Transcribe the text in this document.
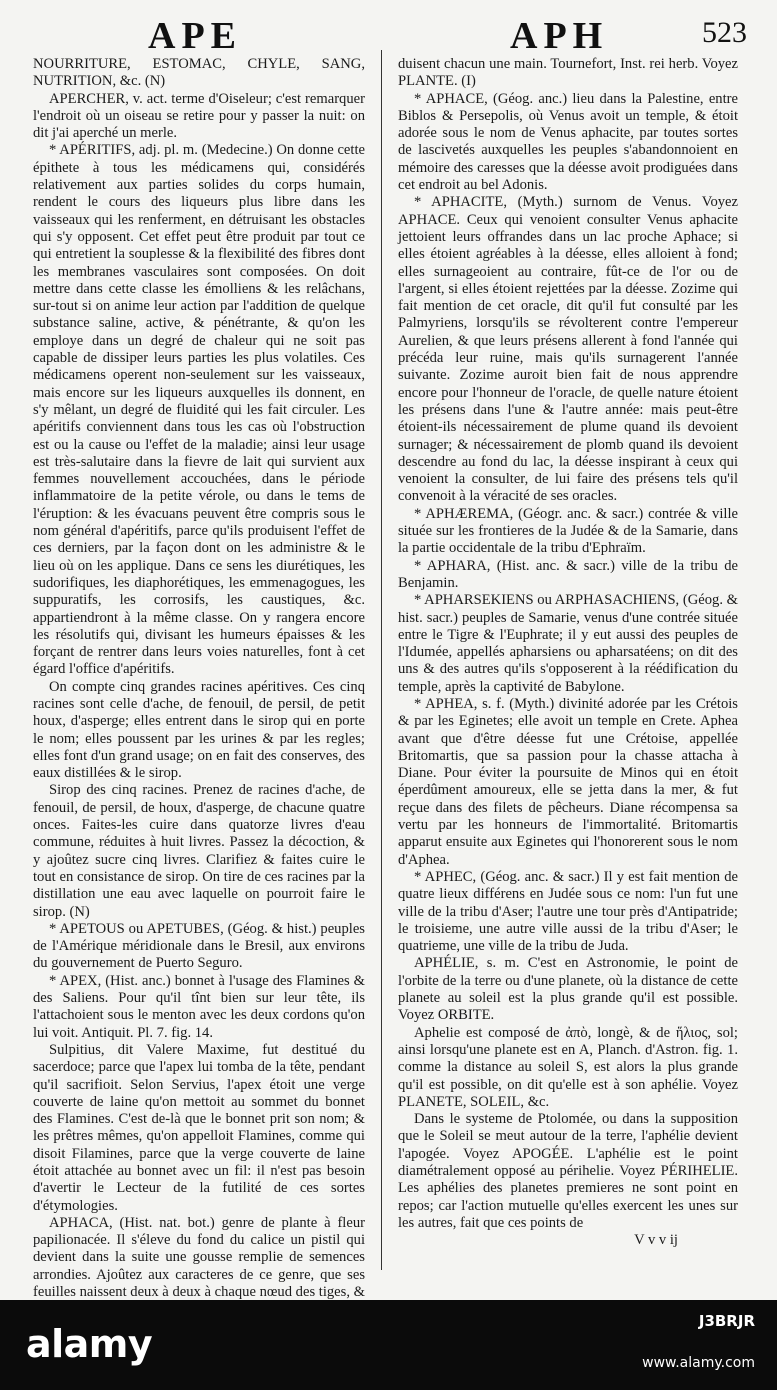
APE	APH	523

NOURRITURE, ESTOMAC, CHYLE, SANG, NUTRITION, &c. (N)

APERCHER, v. act. terme d'Oiseleur; c'est remarquer l'endroit où un oiseau se retire pour y passer la nuit: on dit j'ai aperché un merle.

* APÉRITIFS, adj. pl. m. (Medecine.) On donne cette épithete à tous les médicamens qui, considérés relativement aux parties solides du corps humain, rendent le cours des liqueurs plus libre dans les vaisseaux qui les renferment, en détruisant les obstacles qui s'y opposent. Cet effet peut être produit par tout ce qui entretient la souplesse & la flexibilité des fibres dont les membranes vasculaires sont composées. On doit mettre dans cette classe les émolliens & les relâchans, sur-tout si on anime leur action par l'addition de quelque substance saline, active, & pénétrante, & qu'on les employe dans un degré de chaleur qui ne soit pas capable de dissiper leurs parties les plus volatiles. Ces médicamens operent non-seulement sur les vaisseaux, mais encore sur les liqueurs auxquelles ils donnent, en s'y mêlant, un degré de fluidité qui les fait circuler. Les apéritifs conviennent dans tous les cas où l'obstruction est ou la cause ou l'effet de la maladie; ainsi leur usage est très-salutaire dans la fievre de lait qui survient aux femmes nouvellement accouchées, dans le période inflammatoire de la petite vérole, ou dans le tems de l'éruption: & les évacuans peuvent être compris sous le nom général d'apéritifs, parce qu'ils produisent l'effet de ces derniers, par la façon dont on les administre & le lieu où on les applique. Dans ce sens les diurétiques, les sudorifiques, les diaphorétiques, les emmenagogues, les suppuratifs, les corrosifs, les caustiques, &c. appartiendront à la même classe. On y rangera encore les résolutifs qui, divisant les humeurs épaisses & les forçant de rentrer dans leurs voies naturelles, font à cet égard l'office d'apéritifs.

On compte cinq grandes racines apéritives. Ces cinq racines sont celle d'ache, de fenouil, de persil, de petit houx, d'asperge; elles entrent dans le sirop qui en porte le nom; elles poussent par les urines & par les regles; elles font d'un grand usage; on en fait des conserves, des eaux distillées & le sirop.

Sirop des cinq racines. Prenez de racines d'ache, de fenouil, de persil, de houx, d'asperge, de chacune quatre onces. Faites-les cuire dans quatorze livres d'eau commune, réduites à huit livres. Passez la décoction, & y ajoûtez sucre cinq livres. Clarifiez & faites cuire le tout en consistance de sirop. On tire de ces racines par la distillation une eau avec laquelle on pourroit faire le sirop. (N)

* APETOUS ou APETUBES, (Géog. & hist.) peuples de l'Amérique méridionale dans le Bresil, aux environs du gouvernement de Puerto Seguro.

* APEX, (Hist. anc.) bonnet à l'usage des Flamines & des Saliens. Pour qu'il tînt bien sur leur tête, ils l'attachoient sous le menton avec les deux cordons qu'on lui voit. Antiquit. Pl. 7. fig. 14.

Sulpitius, dit Valere Maxime, fut destitué du sacerdoce; parce que l'apex lui tomba de la tête, pendant qu'il sacrifioit. Selon Servius, l'apex étoit une verge couverte de laine qu'on mettoit au sommet du bonnet des Flamines. C'est de-là que le bonnet prit son nom; & les prêtres mêmes, qu'on appelloit Flamines, comme qui disoit Filamines, parce que la verge couverte de laine étoit attachée au bonnet avec un fil: il n'est pas besoin d'avertir le Lecteur de la futilité de ces sortes d'étymologies.

APHACA, (Hist. nat. bot.) genre de plante à fleur papilionacée. Il s'éleve du fond du calice un pistil qui devient dans la suite une gousse remplie de semences arrondies. Ajoûtez aux caracteres de ce genre, que ses feuilles naissent deux à deux à chaque nœud des tiges, &

duisent chacun une main. Tournefort, Inst. rei herb. Voyez PLANTE. (I)

* APHACE, (Géog. anc.) lieu dans la Palestine, entre Biblos & Persepolis, où Venus avoit un temple, & étoit adorée sous le nom de Venus aphacite, par toutes sortes de lascivetés auxquelles les peuples s'abandonnoient en mémoire des caresses que la déesse avoit prodiguées dans cet endroit au bel Adonis.

* APHACITE, (Myth.) surnom de Venus. Voyez APHACE. Ceux qui venoient consulter Venus aphacite jettoient leurs offrandes dans un lac proche Aphace; si elles étoient agréables à la déesse, elles alloient à fond; elles surnageoient au contraire, fût-ce de l'or ou de l'argent, si elles étoient rejettées par la déesse. Zozime qui fait mention de cet oracle, dit qu'il fut consulté par les Palmyriens, lorsqu'ils se révolterent contre l'empereur Aurelien, & que leurs présens allerent à fond l'année qui précéda leur ruine, mais qu'ils surnagerent l'année suivante. Zozime auroit bien fait de nous apprendre encore pour l'honneur de l'oracle, de quelle nature étoient les présens dans l'une & l'autre année: mais peut-être étoient-ils nécessairement de plume quand ils devoient surnager; & nécessairement de plomb quand ils devoient descendre au fond du lac, la déesse inspirant à ceux qui venoient la consulter, de lui faire des présens tels qu'il convenoit à la véracité de ses oracles.

* APHÆREMA, (Géogr. anc. & sacr.) contrée & ville située sur les frontieres de la Judée & de la Samarie, dans la partie occidentale de la tribu d'Ephraïm.

* APHARA, (Hist. anc. & sacr.) ville de la tribu de Benjamin.

* APHARSEKIENS ou ARPHASACHIENS, (Géog. & hist. sacr.) peuples de Samarie, venus d'une contrée située entre le Tigre & l'Euphrate; il y eut aussi des peuples de l'Idumée, appellés apharsiens ou apharsatéens; on dit des uns & des autres qu'ils s'opposerent à la réédification du temple, après la captivité de Babylone.

* APHEA, s. f. (Myth.) divinité adorée par les Crétois & par les Eginetes; elle avoit un temple en Crete. Aphea avant que d'être déesse fut une Crétoise, appellée Britomartis, que sa passion pour la chasse attacha à Diane. Pour éviter la poursuite de Minos qui en étoit éperdûment amoureux, elle se jetta dans la mer, & fut reçue dans des filets de pêcheurs. Diane récompensa sa vertu par les honneurs de l'immortalité. Britomartis apparut ensuite aux Eginetes qui l'honorerent sous le nom d'Aphea.

* APHEC, (Géog. anc. & sacr.) Il y est fait mention de quatre lieux différens en Judée sous ce nom: l'un fut une ville de la tribu d'Aser; l'autre une tour près d'Antipatride; le troisieme, une autre ville aussi de la tribu d'Aser; le quatrieme, une ville de la tribu de Juda.

APHÉLIE, s. m. C'est en Astronomie, le point de l'orbite de la terre ou d'une planete, où la distance de cette planete au soleil est la plus grande qu'il est possible. Voyez ORBITE.

Aphelie est composé de ἀπὸ, longè, & de ἥλιος, sol; ainsi lorsqu'une planete est en A, Planch. d'Astron. fig. 1. comme la distance au soleil S, est alors la plus grande qu'il est possible, on dit qu'elle est à son aphélie. Voyez PLANETE, SOLEIL, &c.

Dans le systeme de Ptolomée, ou dans la supposition que le Soleil se meut autour de la terre, l'aphélie devient l'apogée. Voyez APOGÉE. L'aphélie est le point diamétralement opposé au périhelie. Voyez PÉRIHELIE. Les aphélies des planetes premieres ne sont point en repos; car l'action mutuelle qu'elles exercent les unes sur les autres, fait que ces points de

V v v ij

alamy
J3BRJR
www.alamy.com
